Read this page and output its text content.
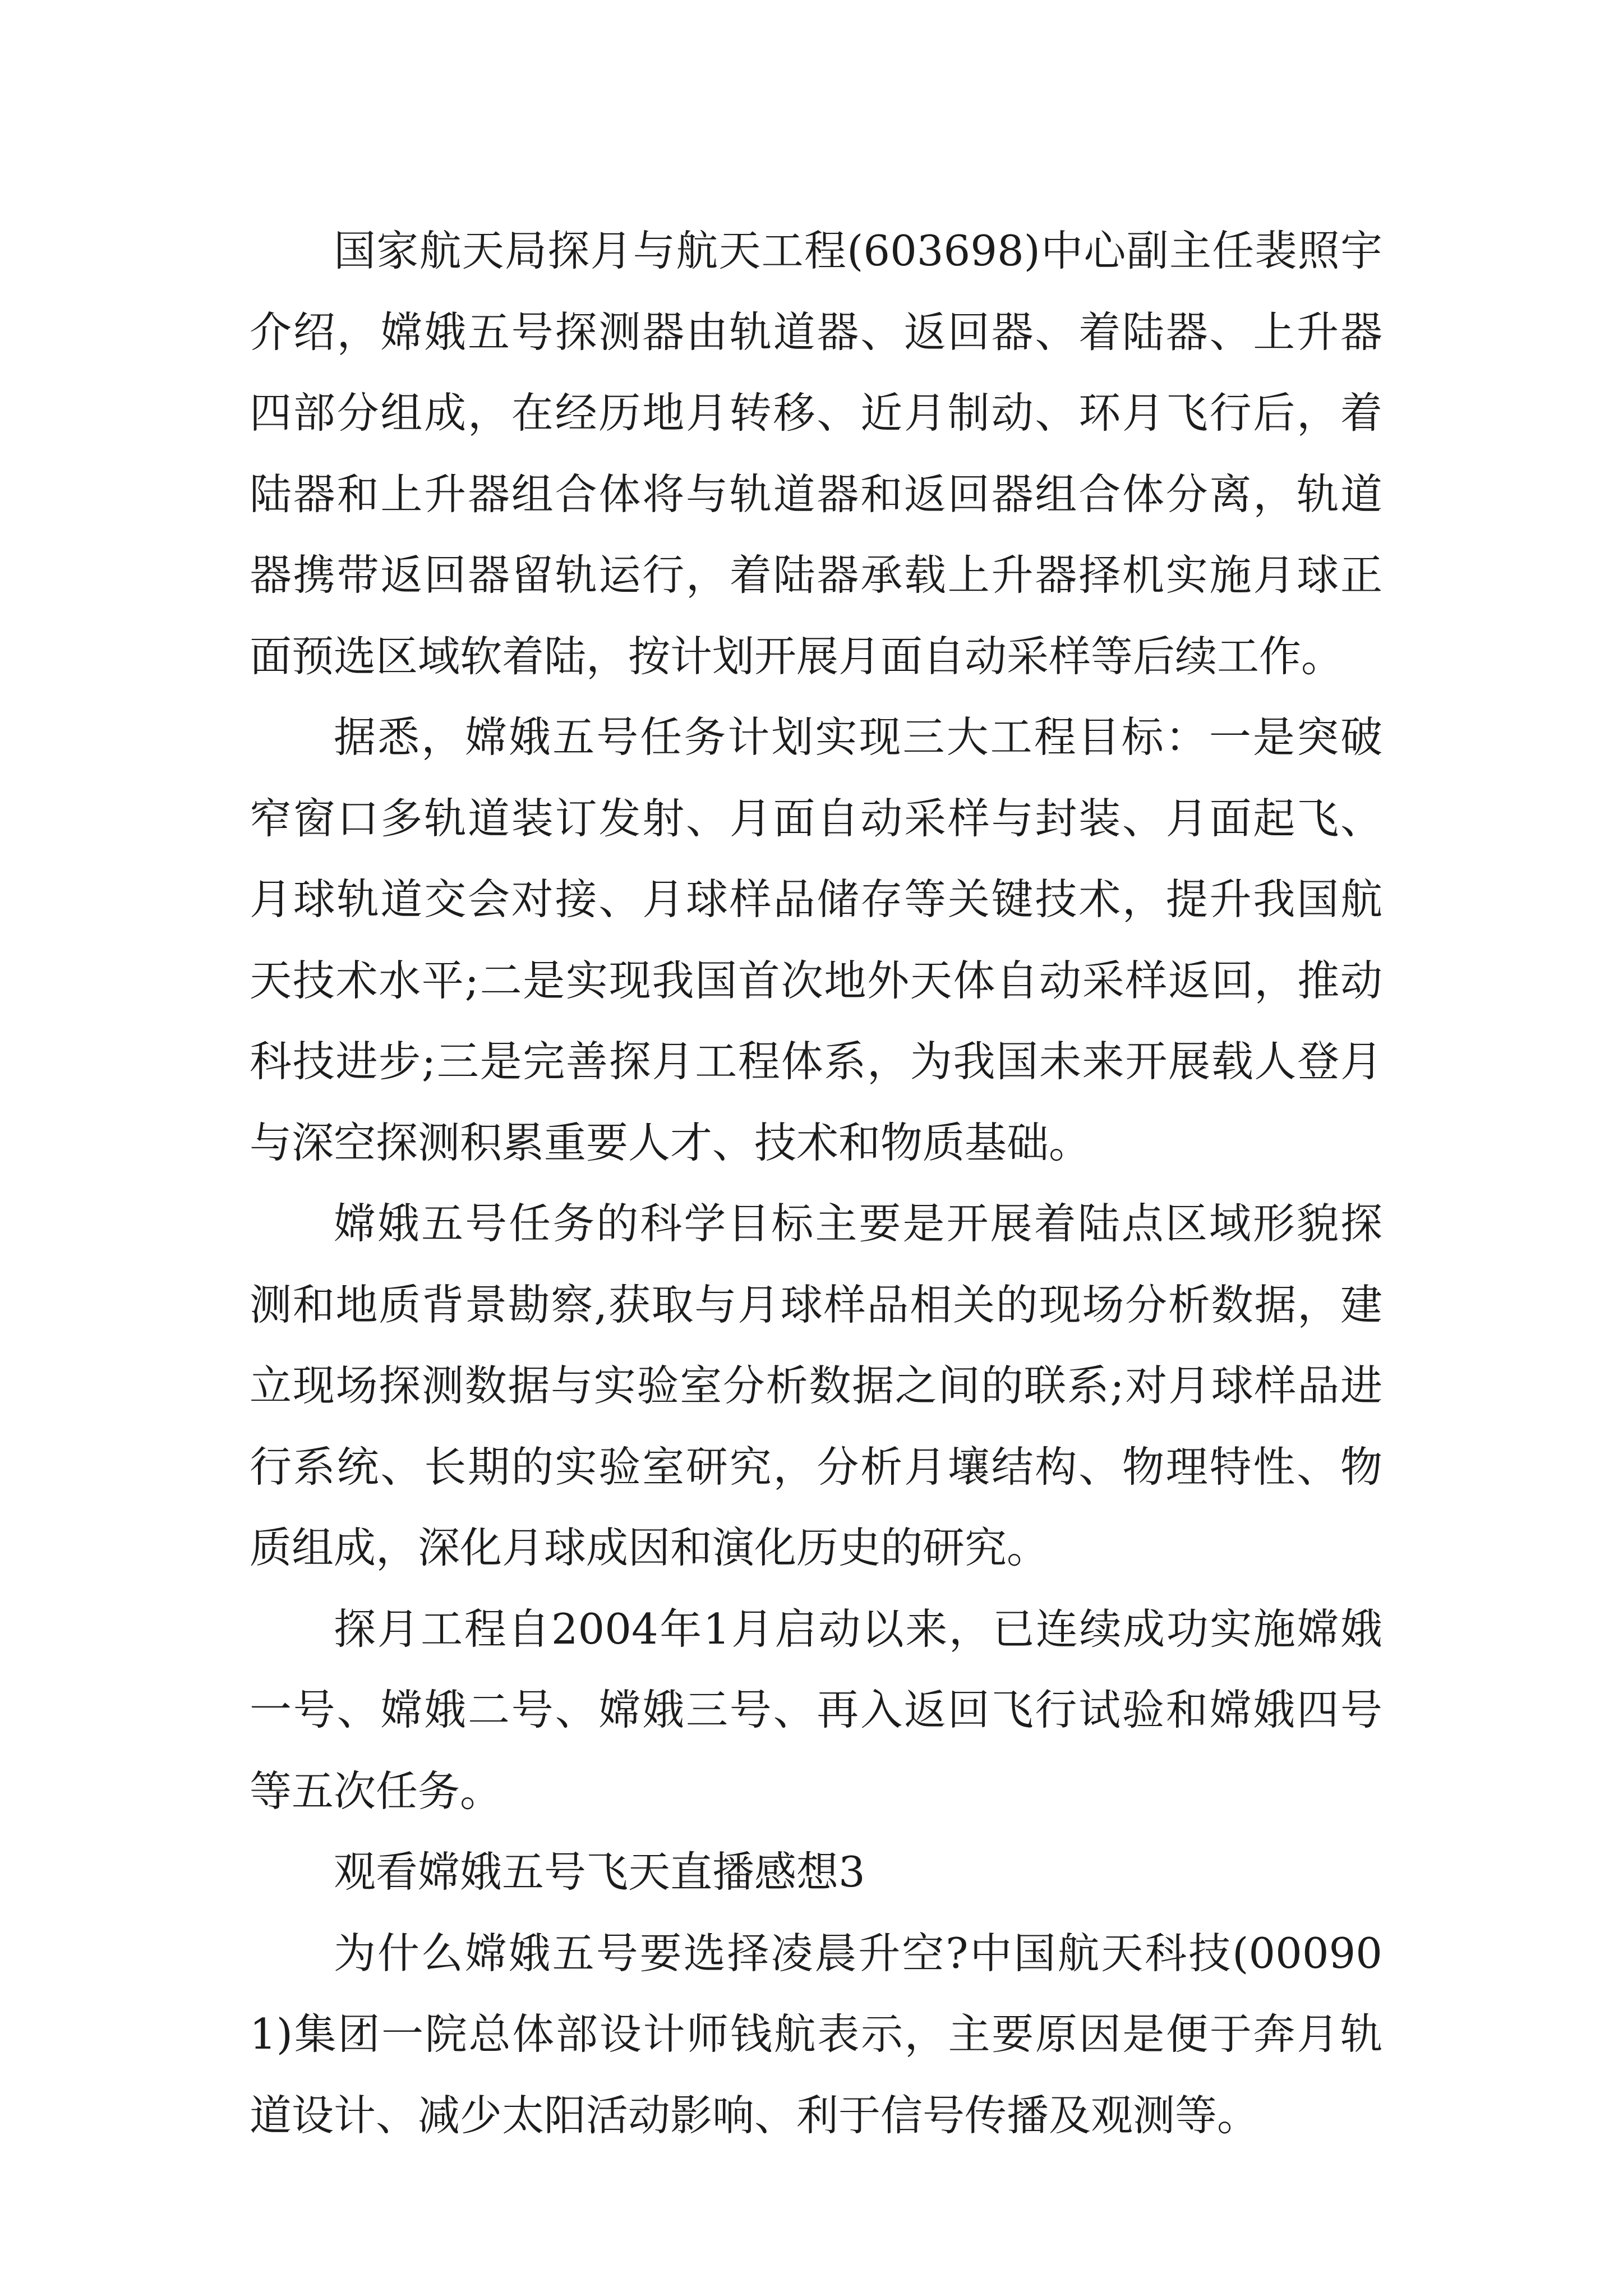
国家航天局探月与航天工程(603698)中心副主任裴照宇介绍，嫦娥五号探测器由轨道器、返回器、着陆器、上升器四部分组成，在经历地月转移、近月制动、环月飞行后，着陆器和上升器组合体将与轨道器和返回器组合体分离，轨道器携带返回器留轨运行，着陆器承载上升器择机实施月球正面预选区域软着陆，按计划开展月面自动采样等后续工作。

据悉，嫦娥五号任务计划实现三大工程目标：一是突破窄窗口多轨道装订发射、月面自动采样与封装、月面起飞、月球轨道交会对接、月球样品储存等关键技术，提升我国航天技术水平;二是实现我国首次地外天体自动采样返回，推动科技进步;三是完善探月工程体系，为我国未来开展载人登月与深空探测积累重要人才、技术和物质基础。

嫦娥五号任务的科学目标主要是开展着陆点区域形貌探测和地质背景勘察,获取与月球样品相关的现场分析数据，建立现场探测数据与实验室分析数据之间的联系;对月球样品进行系统、长期的实验室研究，分析月壤结构、物理特性、物质组成，深化月球成因和演化历史的研究。

探月工程自2004年1月启动以来，已连续成功实施嫦娥一号、嫦娥二号、嫦娥三号、再入返回飞行试验和嫦娥四号等五次任务。

观看嫦娥五号飞天直播感想3

为什么嫦娥五号要选择凌晨升空?中国航天科技(000901)集团一院总体部设计师钱航表示，主要原因是便于奔月轨道设计、减少太阳活动影响、利于信号传播及观测等。
